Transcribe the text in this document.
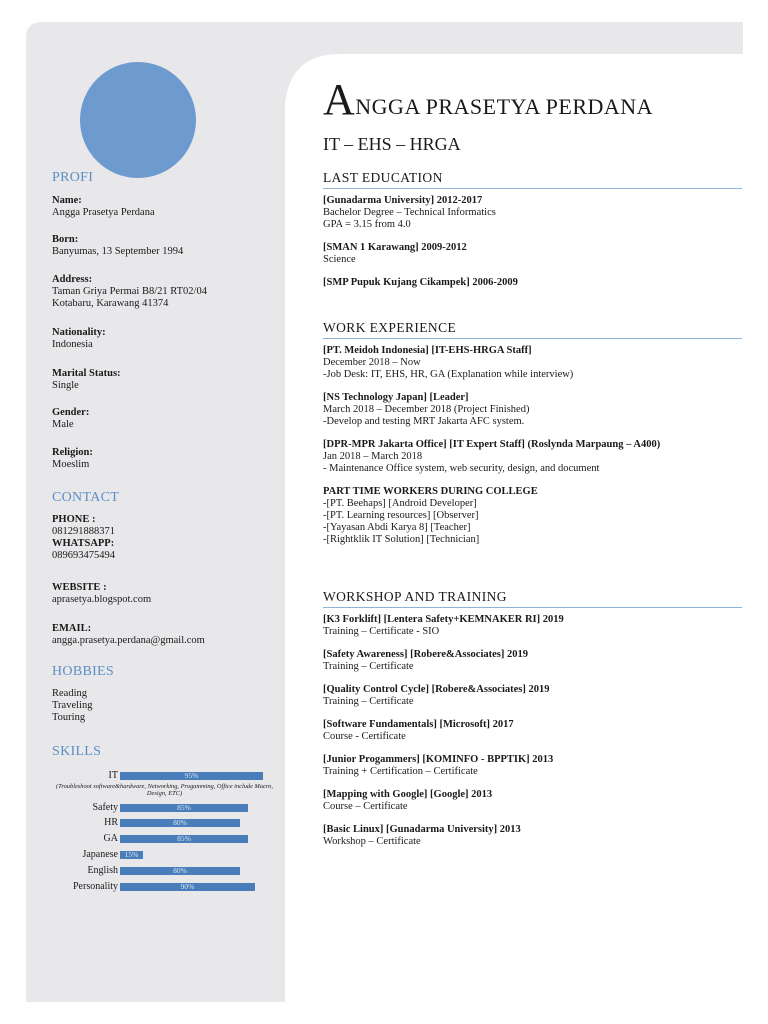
PROFI
Name:
Angga Prasetya Perdana
Born:
Banyumas, 13 September 1994
Address:
Taman Griya Permai B8/21 RT02/04
Kotabaru, Karawang 41374
Nationality:
Indonesia
Marital Status:
Single
Gender:
Male
Religion:
Moeslim
CONTACT
PHONE :
081291888371
WHATSAPP:
089693475494
WEBSITE :
aprasetya.blogspot.com
EMAIL:
angga.prasetya.perdana@gmail.com
HOBBIES
Reading
Traveling
Touring
SKILLS
IT	95%
(Troubleshoot software&hardware, Networking, Progamming, Office include Macro, Design, ETC)
Safety	85%
HR	80%
GA	85%
Japanese 15%
English	80%
Personality	90%
ANGGA PRASETYA PERDANA
IT – EHS – HRGA
LAST EDUCATION
[Gunadarma University] 2012-2017
Bachelor Degree – Technical Informatics
GPA = 3.15 from 4.0
[SMAN 1 Karawang] 2009-2012
Science
[SMP Pupuk Kujang Cikampek] 2006-2009
WORK EXPERIENCE
[PT. Meidoh Indonesia] [IT-EHS-HRGA Staff]
December 2018 – Now
-Job Desk: IT, EHS, HR, GA (Explanation while interview)
[NS Technology Japan] [Leader]
March 2018 – December 2018 (Project Finished)
-Develop and testing MRT Jakarta AFC system.
[DPR-MPR Jakarta Office] [IT Expert Staff] (Roslynda Marpaung – A400)
Jan 2018 – March 2018
- Maintenance Office system, web security, design, and document
PART TIME WORKERS DURING COLLEGE
-[PT. Beehaps] [Android Developer]
-[PT. Learning resources] [Observer]
-[Yayasan Abdi Karya 8] [Teacher]
-[Rightklik IT Solution] [Technician]
WORKSHOP AND TRAINING
[K3 Forklift] [Lentera Safety+KEMNAKER RI] 2019
Training – Certificate - SIO
[Safety Awareness] [Robere&Associates] 2019
Training – Certificate
[Quality Control Cycle] [Robere&Associates] 2019
Training – Certificate
[Software Fundamentals] [Microsoft] 2017
Course - Certificate
[Junior Progammers] [KOMINFO - BPPTIK] 2013
Training + Certification – Certificate
[Mapping with Google] [Google] 2013
Course – Certificate
[Basic Linux] [Gunadarma University] 2013
Workshop – Certificate
